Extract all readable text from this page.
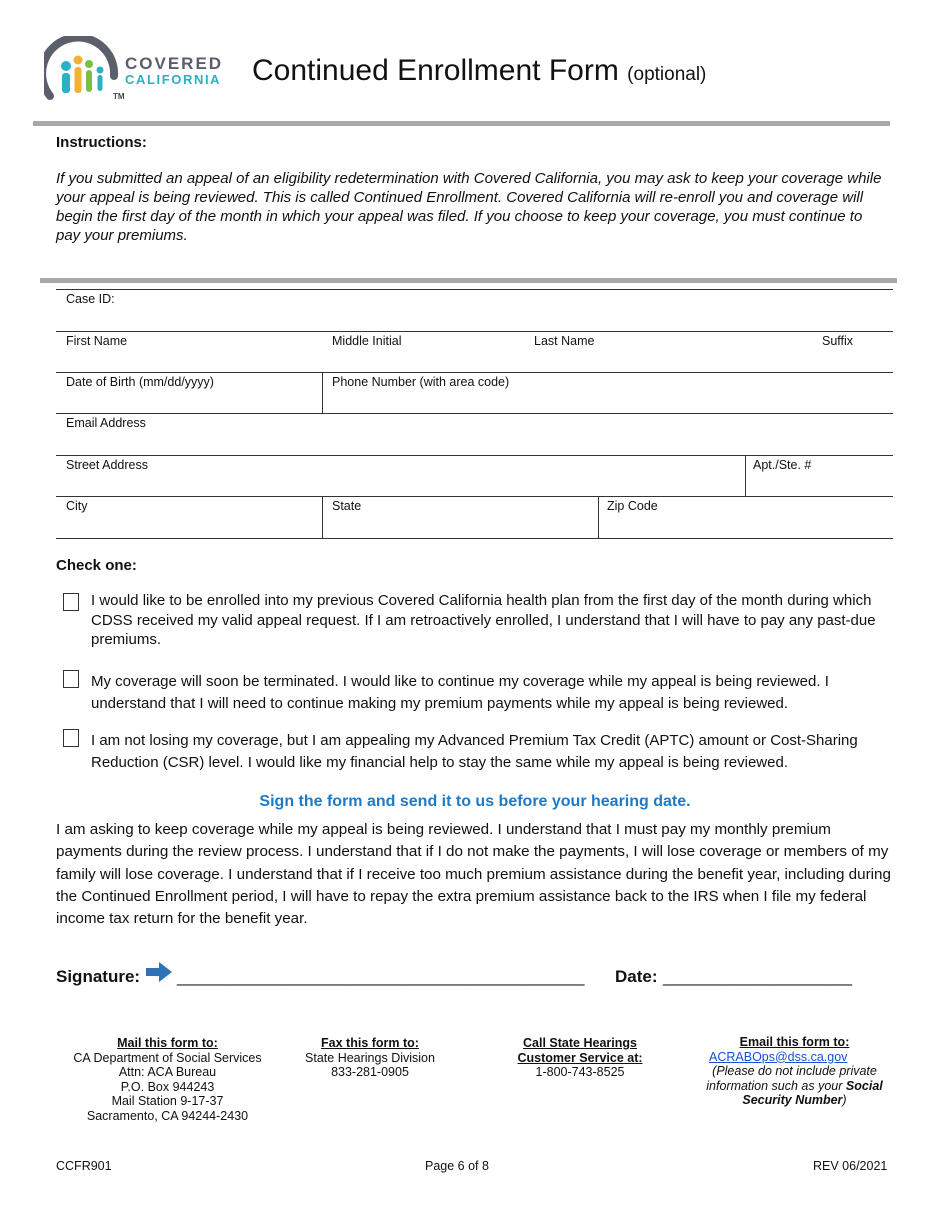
COVERED
CALIFORNIA
TM
Continued Enrollment Form (optional)
Instructions:
If you submitted an appeal of an eligibility redetermination with Covered California, you may ask to keep your coverage while your appeal is being reviewed. This is called Continued Enrollment. Covered California will re-enroll you and coverage will begin the first day of the month in which your appeal was filed. If you choose to keep your coverage, you must continue to pay your premiums.
Case ID:
First Name	Middle Initial	Last Name	Suffix
Date of Birth (mm/dd/yyyy)	Phone Number (with area code)
Email Address
Street Address	Apt./Ste. #
City	State	Zip Code
Check one:
I would like to be enrolled into my previous Covered California health plan from the first day of the month during which CDSS received my valid appeal request. If I am retroactively enrolled, I understand that I will have to pay any past-due premiums.
My coverage will soon be terminated. I would like to continue my coverage while my appeal is being reviewed. I understand that I will need to continue making my premium payments while my appeal is being reviewed.
I am not losing my coverage, but I am appealing my Advanced Premium Tax Credit (APTC) amount or Cost-Sharing Reduction (CSR) level. I would like my financial help to stay the same while my appeal is being reviewed.
Sign the form and send it to us before your hearing date.
I am asking to keep coverage while my appeal is being reviewed. I understand that I must pay my monthly premium payments during the review process. I understand that if I do not make the payments, I will lose coverage or members of my family will lose coverage. I understand that if I receive too much premium assistance during the benefit year, including during the Continued Enrollment period, I will have to repay the extra premium assistance back to the IRS when I file my federal income tax return for the benefit year.
Signature: ____________________________________________ Date: ____________________
Mail this form to:
CA Department of Social Services
Attn: ACA Bureau
P.O. Box 944243
Mail Station 9-17-37
Sacramento, CA 94244-2430
Fax this form to:
State Hearings Division
833-281-0905
Call State Hearings
Customer Service at:
1-800-743-8525
Email this form to:
ACRABOps@dss.ca.gov
(Please do not include private
information such as your Social
Security Number)
CCFR901	Page 6 of 8	REV 06/2021
